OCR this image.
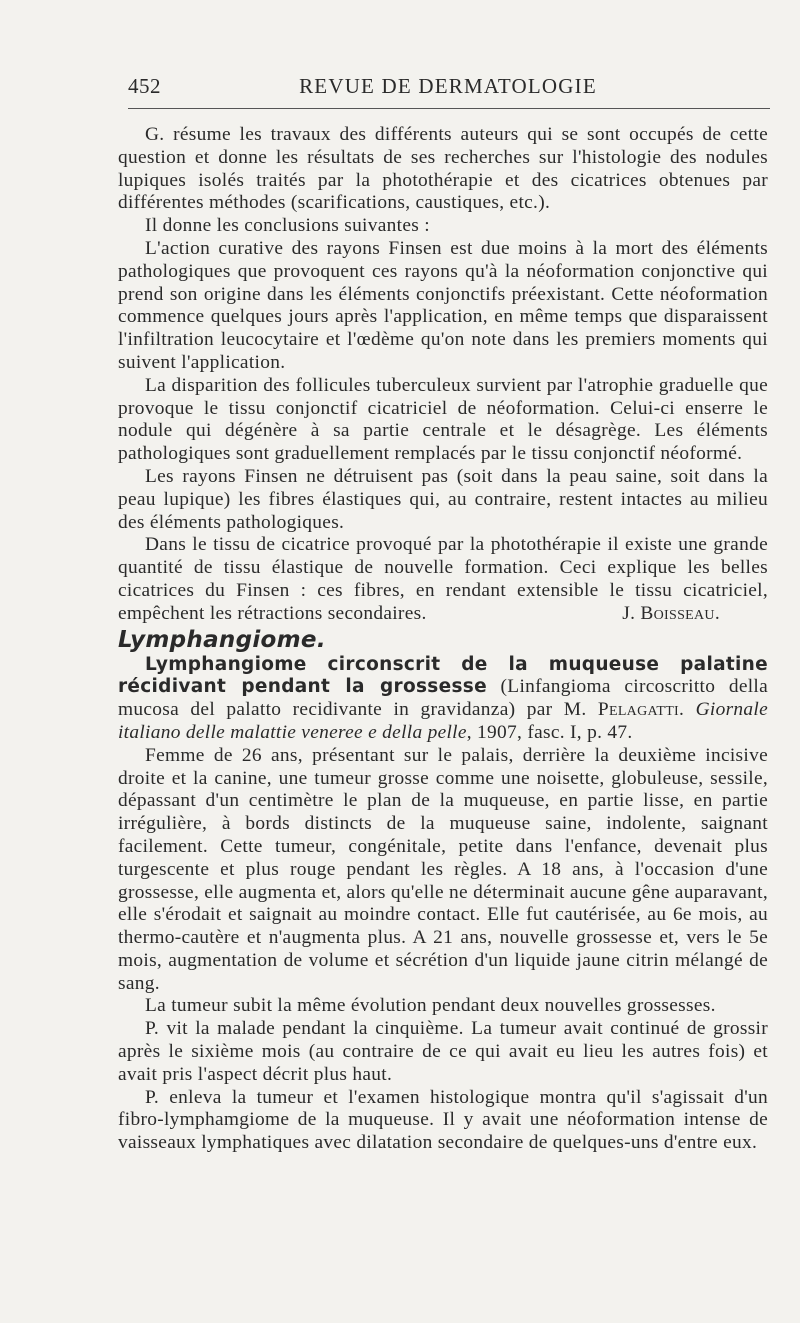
452	REVUE DE DERMATOLOGIE

G. résume les travaux des différents auteurs qui se sont occupés de cette question et donne les résultats de ses recherches sur l'histologie des nodules lupiques isolés traités par la photothérapie et des cicatrices obtenues par différentes méthodes (scarifications, caustiques, etc.).

Il donne les conclusions suivantes :

L'action curative des rayons Finsen est due moins à la mort des éléments pathologiques que provoquent ces rayons qu'à la néoformation conjonctive qui prend son origine dans les éléments conjonctifs préexistant. Cette néoformation commence quelques jours après l'application, en même temps que disparaissent l'infiltration leucocytaire et l'œdème qu'on note dans les premiers moments qui suivent l'application.

La disparition des follicules tuberculeux survient par l'atrophie graduelle que provoque le tissu conjonctif cicatriciel de néoformation. Celui-ci enserre le nodule qui dégénère à sa partie centrale et le désagrège. Les éléments pathologiques sont graduellement remplacés par le tissu conjonctif néoformé.

Les rayons Finsen ne détruisent pas (soit dans la peau saine, soit dans la peau lupique) les fibres élastiques qui, au contraire, restent intactes au milieu des éléments pathologiques.

Dans le tissu de cicatrice provoqué par la photothérapie il existe une grande quantité de tissu élastique de nouvelle formation. Ceci explique les belles cicatrices du Finsen : ces fibres, en rendant extensible le tissu cicatriciel, empêchent les rétractions secondaires.	J. Boisseau.

Lymphangiome.

Lymphangiome circonscrit de la muqueuse palatine récidivant pendant la grossesse (Linfangioma circoscritto della mucosa del palatto recidivante in gravidanza) par M. Pelagatti. Giornale italiano delle malattie veneree e della pelle, 1907, fasc. I, p. 47.

Femme de 26 ans, présentant sur le palais, derrière la deuxième incisive droite et la canine, une tumeur grosse comme une noisette, globuleuse, sessile, dépassant d'un centimètre le plan de la muqueuse, en partie lisse, en partie irrégulière, à bords distincts de la muqueuse saine, indolente, saignant facilement. Cette tumeur, congénitale, petite dans l'enfance, devenait plus turgescente et plus rouge pendant les règles. A 18 ans, à l'occasion d'une grossesse, elle augmenta et, alors qu'elle ne déterminait aucune gêne auparavant, elle s'érodait et saignait au moindre contact. Elle fut cautérisée, au 6e mois, au thermo-cautère et n'augmenta plus. A 21 ans, nouvelle grossesse et, vers le 5e mois, augmentation de volume et sécrétion d'un liquide jaune citrin mélangé de sang.

La tumeur subit la même évolution pendant deux nouvelles grossesses.

P. vit la malade pendant la cinquième. La tumeur avait continué de grossir après le sixième mois (au contraire de ce qui avait eu lieu les autres fois) et avait pris l'aspect décrit plus haut.

P. enleva la tumeur et l'examen histologique montra qu'il s'agissait d'un fibro-lymphamgiome de la muqueuse. Il y avait une néoformation intense de vaisseaux lymphatiques avec dilatation secondaire de quelques-uns d'entre eux.
